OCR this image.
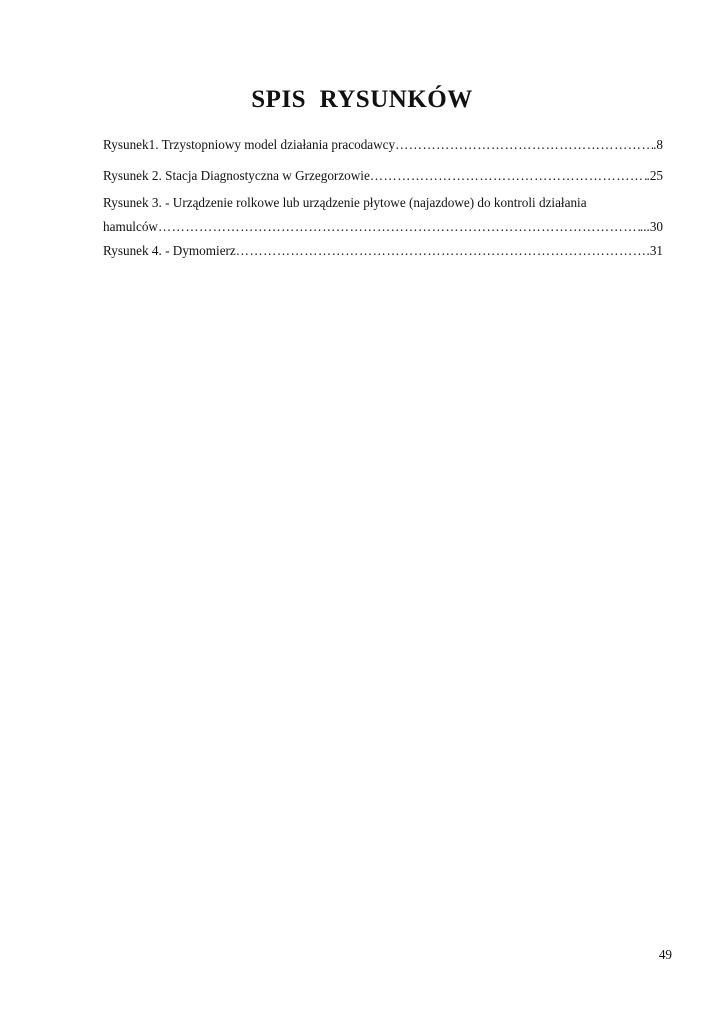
SPIS  RYSUNKÓW
Rysunek1. Trzystopniowy model działania pracodawcy ……………………………………………………………………………………………………………………………………………………………………………………………………………………	.8
Rysunek 2. Stacja Diagnostyczna w Grzegorzowie ……………………………………………………………………………………………………………………………………………………………………………………………………………………	.25
Rysunek 3. - Urządzenie rolkowe lub urządzenie płytowe (najazdowe) do kontroli działania
hamulców ……………………………………………………………………………………………………………………………………………………………………………………………………………………	...30
Rysunek 4. - Dymomierz ……………………………………………………………………………………………………………………………………………………………………………………………………………………	.31
49
